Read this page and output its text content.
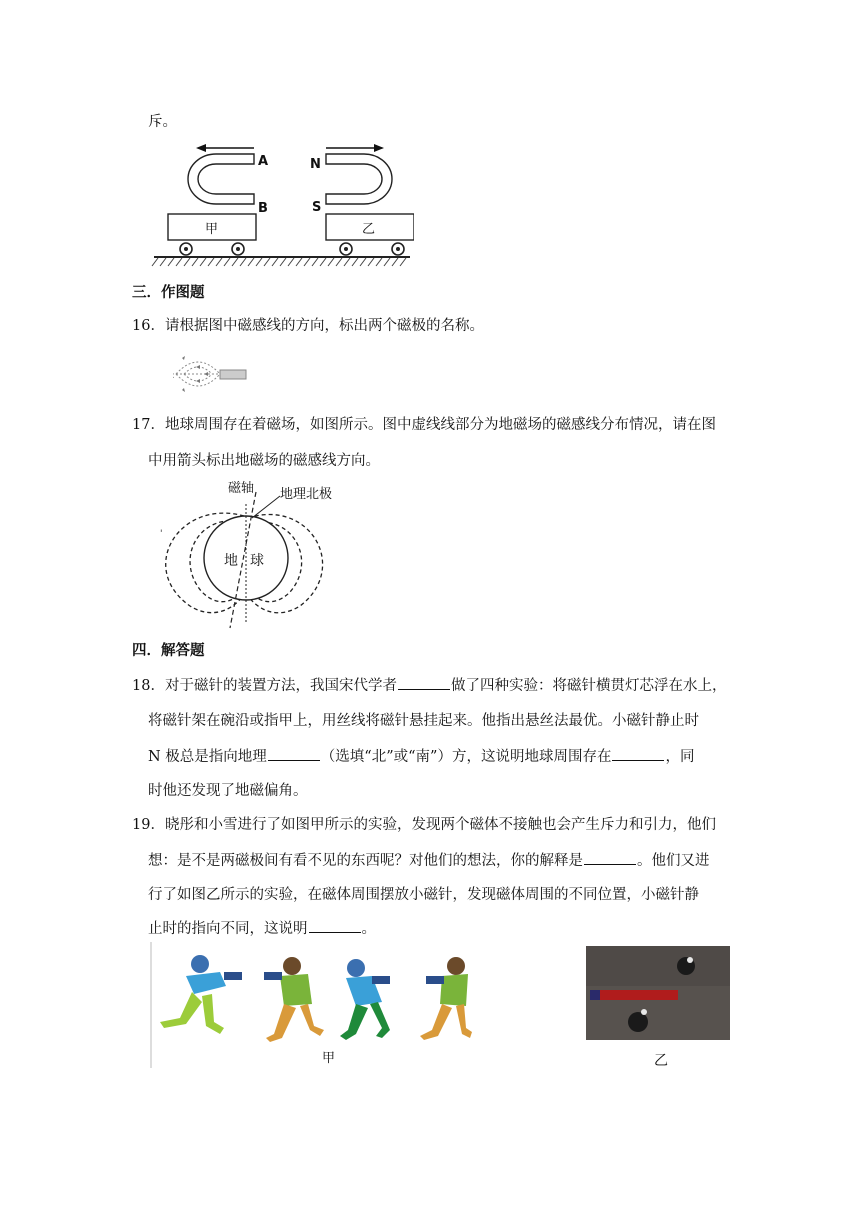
斥。
A
B
N
S
甲	乙
三．作图题
16．请根据图中磁感线的方向，标出两个磁极的名称。
:
17．地球周围存在着磁场，如图所示。图中虚线线部分为地磁场的磁感线分布情况，请在图
中用箭头标出地磁场的磁感线方向。
磁轴 地理北极
地 球
'
四．解答题
18．对于磁针的装置方法，我国宋代学者	做了四种实验：将磁针横贯灯芯浮在水上，
将磁针架在碗沿或指甲上，用丝线将磁针悬挂起来。他指出悬丝法最优。小磁针静止时
N 极总是指向地理	（选填“北”或“南”）方，这说明地球周围存在	，同
时他还发现了地磁偏角。
19．晓彤和小雪进行了如图甲所示的实验，发现两个磁体不接触也会产生斥力和引力，他们
想：是不是两磁极间有看不见的东西呢？对他们的想法，你的解释是	。他们又进
行了如图乙所示的实验，在磁体周围摆放小磁针，发现磁体周围的不同位置，小磁针静
止时的指向不同，这说明	。
甲	乙
